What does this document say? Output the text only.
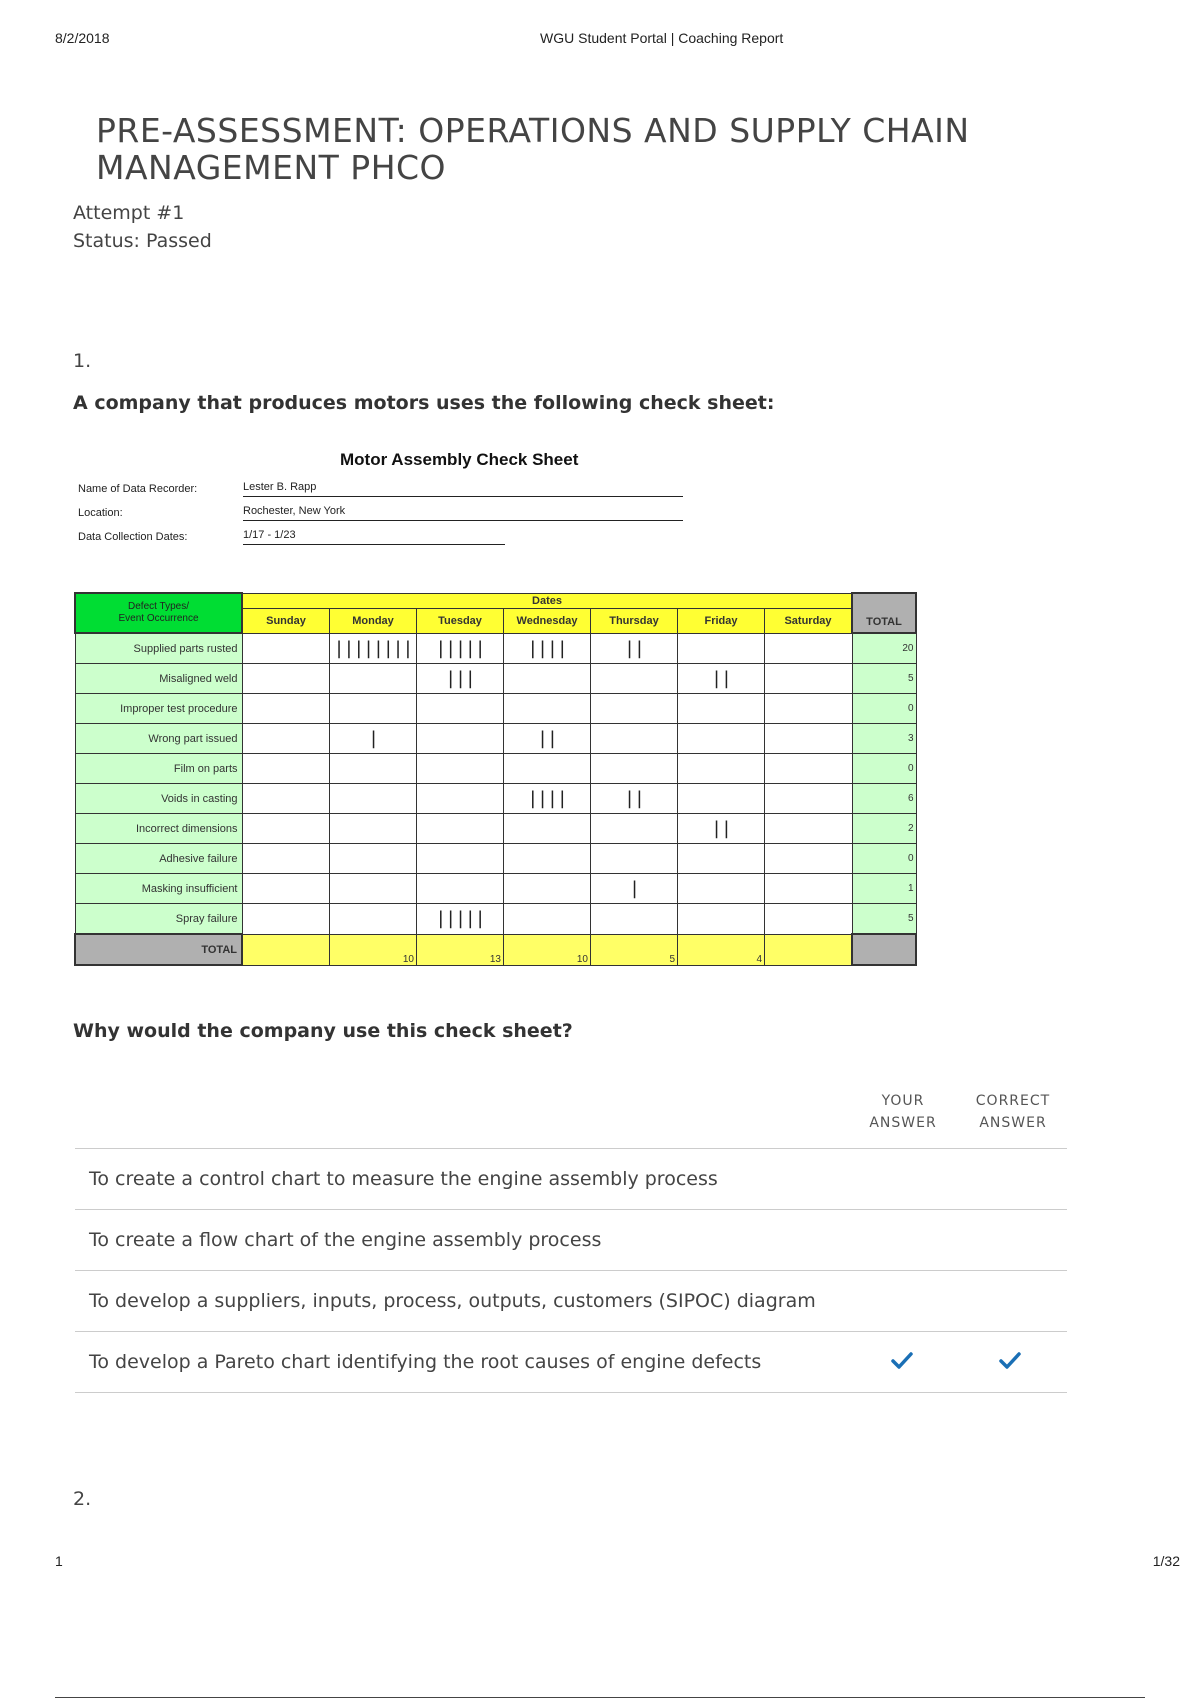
8/2/2018	WGU Student Portal | Coaching Report
PRE-ASSESSMENT: OPERATIONS AND SUPPLY CHAIN MANAGEMENT PHCO
Attempt #1
Status: Passed
1.
A company that produces motors uses the following check sheet:
Motor Assembly Check Sheet
Name of Data Recorder:	Lester B. Rapp
Location:	Rochester, New York
Data Collection Dates:	1/17 - 1/23
Defect Types/
Event Occurrence	Dates							TOTAL
	Sunday	Monday	Tuesday	Wednesday	Thursday	Friday	Saturday	
Supplied parts rusted		||||||||	|||||	||||	||			20
Misaligned weld			|||			||		5
Improper test procedure								0
Wrong part issued		|		||				3
Film on parts								0
Voids in casting				||||	||			6
Incorrect dimensions						||		2
Adhesive failure								0
Masking insufficient					|			1
Spray failure			|||||					5
TOTAL		10	13	10	5	4		
Why would the company use this check sheet?
YOUR
ANSWER
CORRECT
ANSWER
To create a control chart to measure the engine assembly process
To create a flow chart of the engine assembly process
To develop a suppliers, inputs, process, outputs, customers (SIPOC) diagram
To develop a Pareto chart identifying the root causes of engine defects
2.
1	1/32
